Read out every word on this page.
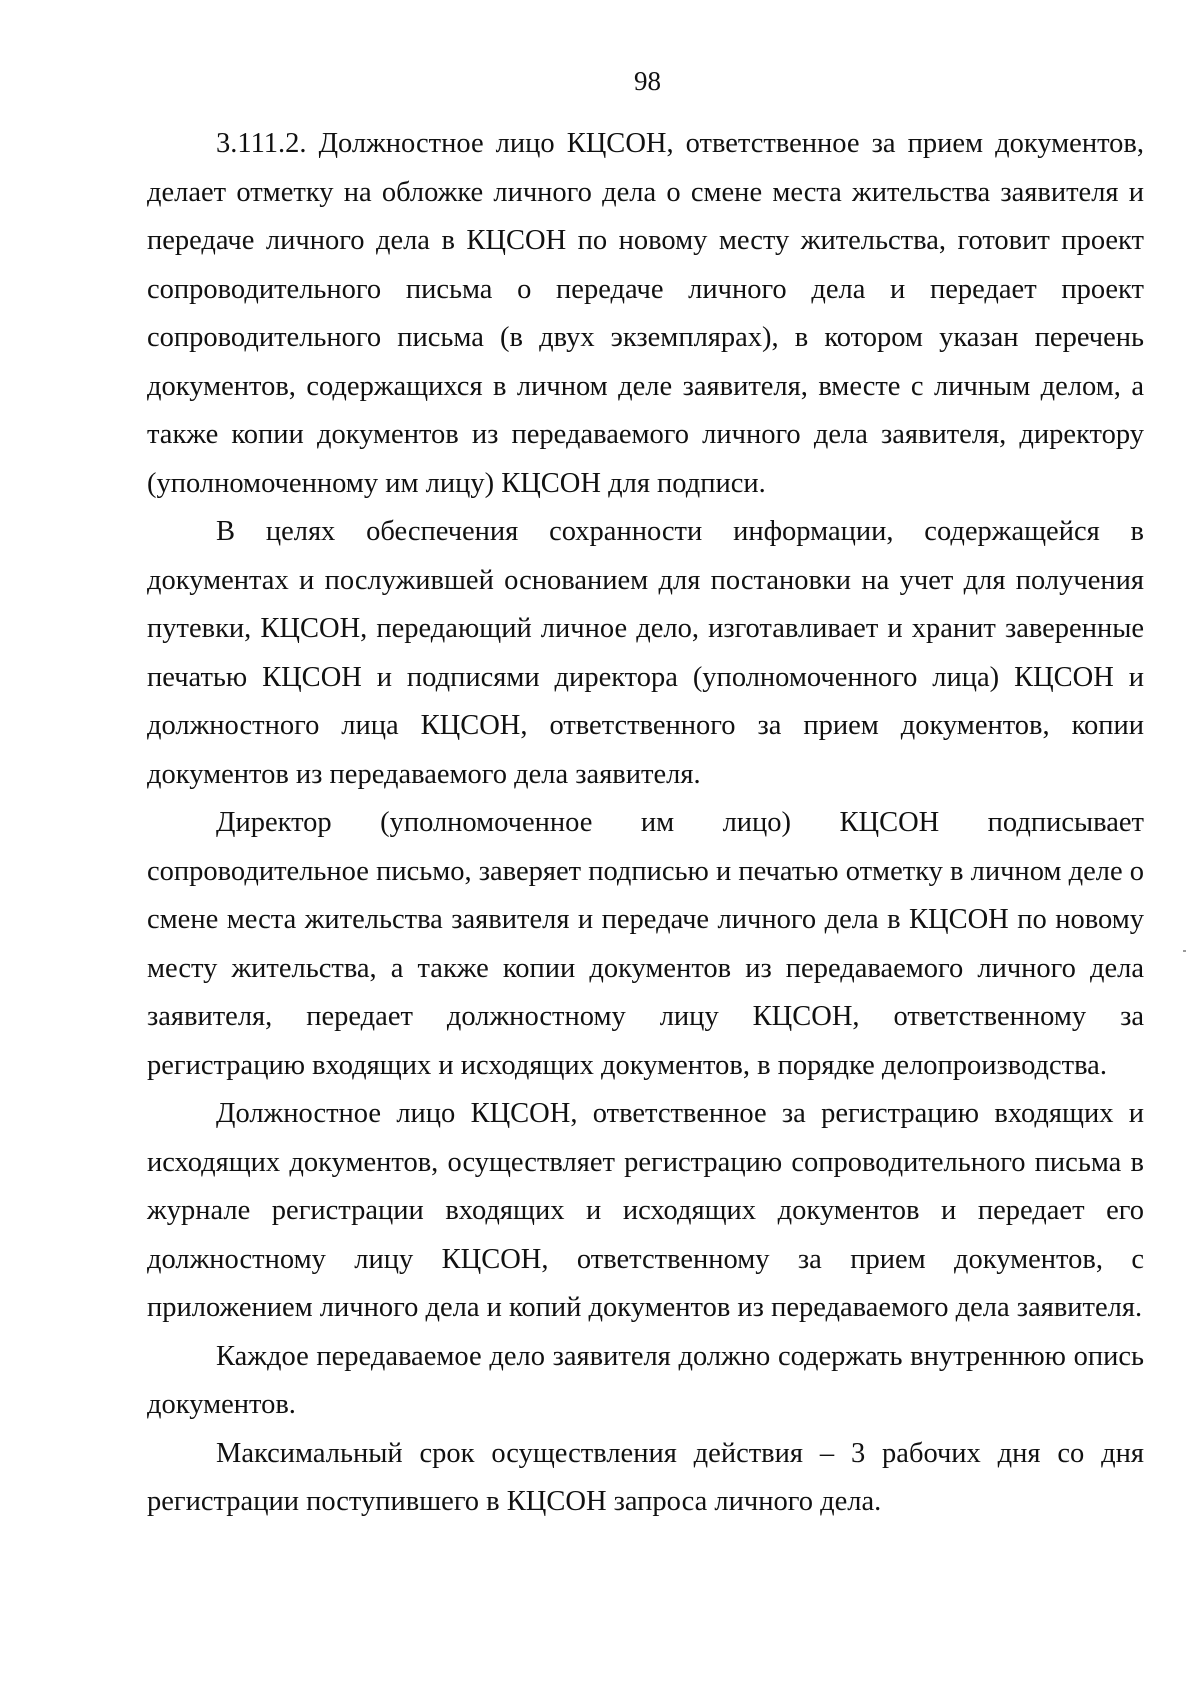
98

3.111.2. Должностное лицо КЦСОН, ответственное за прием документов, делает отметку на обложке личного дела о смене места жительства заявителя и передаче личного дела в КЦСОН по новому месту жительства, готовит проект сопроводительного письма о передаче личного дела и передает проект сопроводительного письма (в двух экземплярах), в котором указан перечень документов, содержащихся в личном деле заявителя, вместе с личным делом, а также копии документов из передаваемого личного дела заявителя, директору (уполномоченному им лицу) КЦСОН для подписи.

В целях обеспечения сохранности информации, содержащейся в документах и послужившей основанием для постановки на учет для получения путевки, КЦСОН, передающий личное дело, изготавливает и хранит заверенные печатью КЦСОН и подписями директора (уполномоченного лица) КЦСОН и должностного лица КЦСОН, ответственного за прием документов, копии документов из передаваемого дела заявителя.

Директор (уполномоченное им лицо) КЦСОН подписывает сопроводительное письмо, заверяет подписью и печатью отметку в личном деле о смене места жительства заявителя и передаче личного дела в КЦСОН по новому месту жительства, а также копии документов из передаваемого личного дела заявителя, передает должностному лицу КЦСОН, ответственному за регистрацию входящих и исходящих документов, в порядке делопроизводства.

Должностное лицо КЦСОН, ответственное за регистрацию входящих и исходящих документов, осуществляет регистрацию сопроводительного письма в журнале регистрации входящих и исходящих документов и передает его должностному лицу КЦСОН, ответственному за прием документов, с приложением личного дела и копий документов из передаваемого дела заявителя.

Каждое передаваемое дело заявителя должно содержать внутреннюю опись документов.

Максимальный срок осуществления действия – 3 рабочих дня со дня регистрации поступившего в КЦСОН запроса личного дела.
